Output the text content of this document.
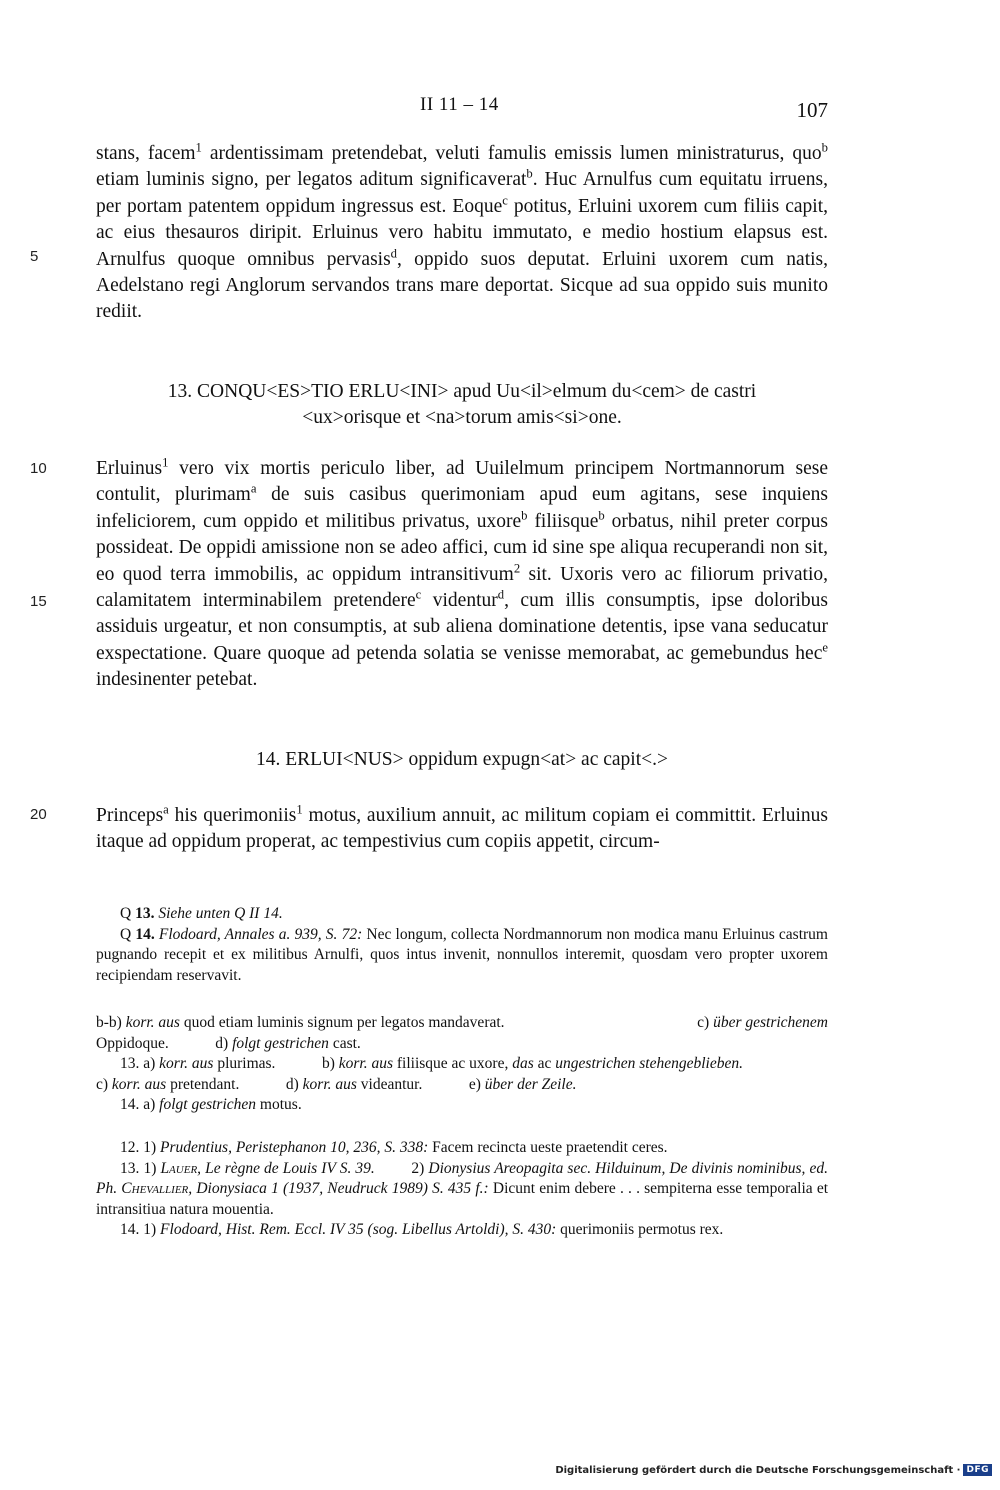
II 11 – 14	107
5
10
15
20

stans, facem$^1$ ardentissimam pretendebat, veluti famulis emissis lumen ministraturus, quo$^b$ etiam luminis signo, per legatos aditum significaverat$^b$. Huc Arnulfus cum equitatu irruens, per portam patentem oppidum ingressus est. Eoque$^c$ potitus, Erluini uxorem cum filiis capit, ac eius thesauros diripit. Erluinus vero habitu immutato, e medio hostium elapsus est. Arnulfus quoque omnibus pervasis$^d$, oppido suos deputat. Erluini uxorem cum natis, Aedelstano regi Anglorum servandos trans mare deportat. Sicque ad sua oppido suis munito rediit.

13. CONQU<ES>TIO ERLU<INI> apud Uu<il>elmum du<cem> de castri
<ux>orisque et <na>torum amis<si>one.

Erluinus$^1$ vero vix mortis periculo liber, ad Uuilelmum principem Nortmannorum sese contulit, plurimam$^a$ de suis casibus querimoniam apud eum agitans, sese inquiens infeliciorem, cum oppido et militibus privatus, uxore$^b$ filiisque$^b$ orbatus, nihil preter corpus possideat. De oppidi amissione non se adeo affici, cum id sine spe aliqua recuperandi non sit, eo quod terra immobilis, ac oppidum intransitivum$^2$ sit. Uxoris vero ac filiorum privatio, calamitatem interminabilem pretendere$^c$ videntur$^d$, cum illis consumptis, ipse doloribus assiduis urgeatur, et non consumptis, at sub aliena dominatione detentis, ipse vana seducatur exspectatione. Quare quoque ad petenda solatia se venisse memorabat, ac gemebundus hec$^e$ indesinenter petebat.

14. ERLUI<NUS> oppidum expugn<at> ac capit<.>

Princeps$^a$ his querimoniis$^1$ motus, auxilium annuit, ac militum copiam ei committit. Erluinus itaque ad oppidum properat, ac tempestivius cum copiis appetit, circum-

Q 13. Siehe unten Q II 14.

Q 14. Flodoard, Annales a. 939, S. 72: Nec longum, collecta Nordmannorum non modica manu Erluinus castrum pugnando recepit et ex militibus Arnulfi, quos intus invenit, nonnullos interemit, quosdam vero propter uxorem recipiendam reservavit.

b-b) korr. aus quod etiam luminis signum per legatos mandaverat.	c) über gestrichenem

Oppidoque.	d) folgt gestrichen cast.

13. a) korr. aus plurimas.	b) korr. aus filiisque ac uxore, das ac ungestrichen stehengeblieben.

c) korr. aus pretendant.	d) korr. aus videantur.	e) über der Zeile.

14. a) folgt gestrichen motus.

12. 1) Prudentius, Peristephanon 10, 236, S. 338: Facem recincta ueste praetendit ceres.

13. 1) Lauer, Le règne de Louis IV S. 39. 2) Dionysius Areopagita sec. Hilduinum, De divinis nominibus, ed. Ph. Chevallier, Dionysiaca 1 (1937, Neudruck 1989) S. 435 f.: Dicunt enim debere . . . sempiterna esse temporalia et intransitiua natura mouentia.

14. 1) Flodoard, Hist. Rem. Eccl. IV 35 (sog. Libellus Artoldi), S. 430: querimoniis permotus rex.

Digitalisierung gefördert durch die Deutsche Forschungsgemeinschaft · DFG
